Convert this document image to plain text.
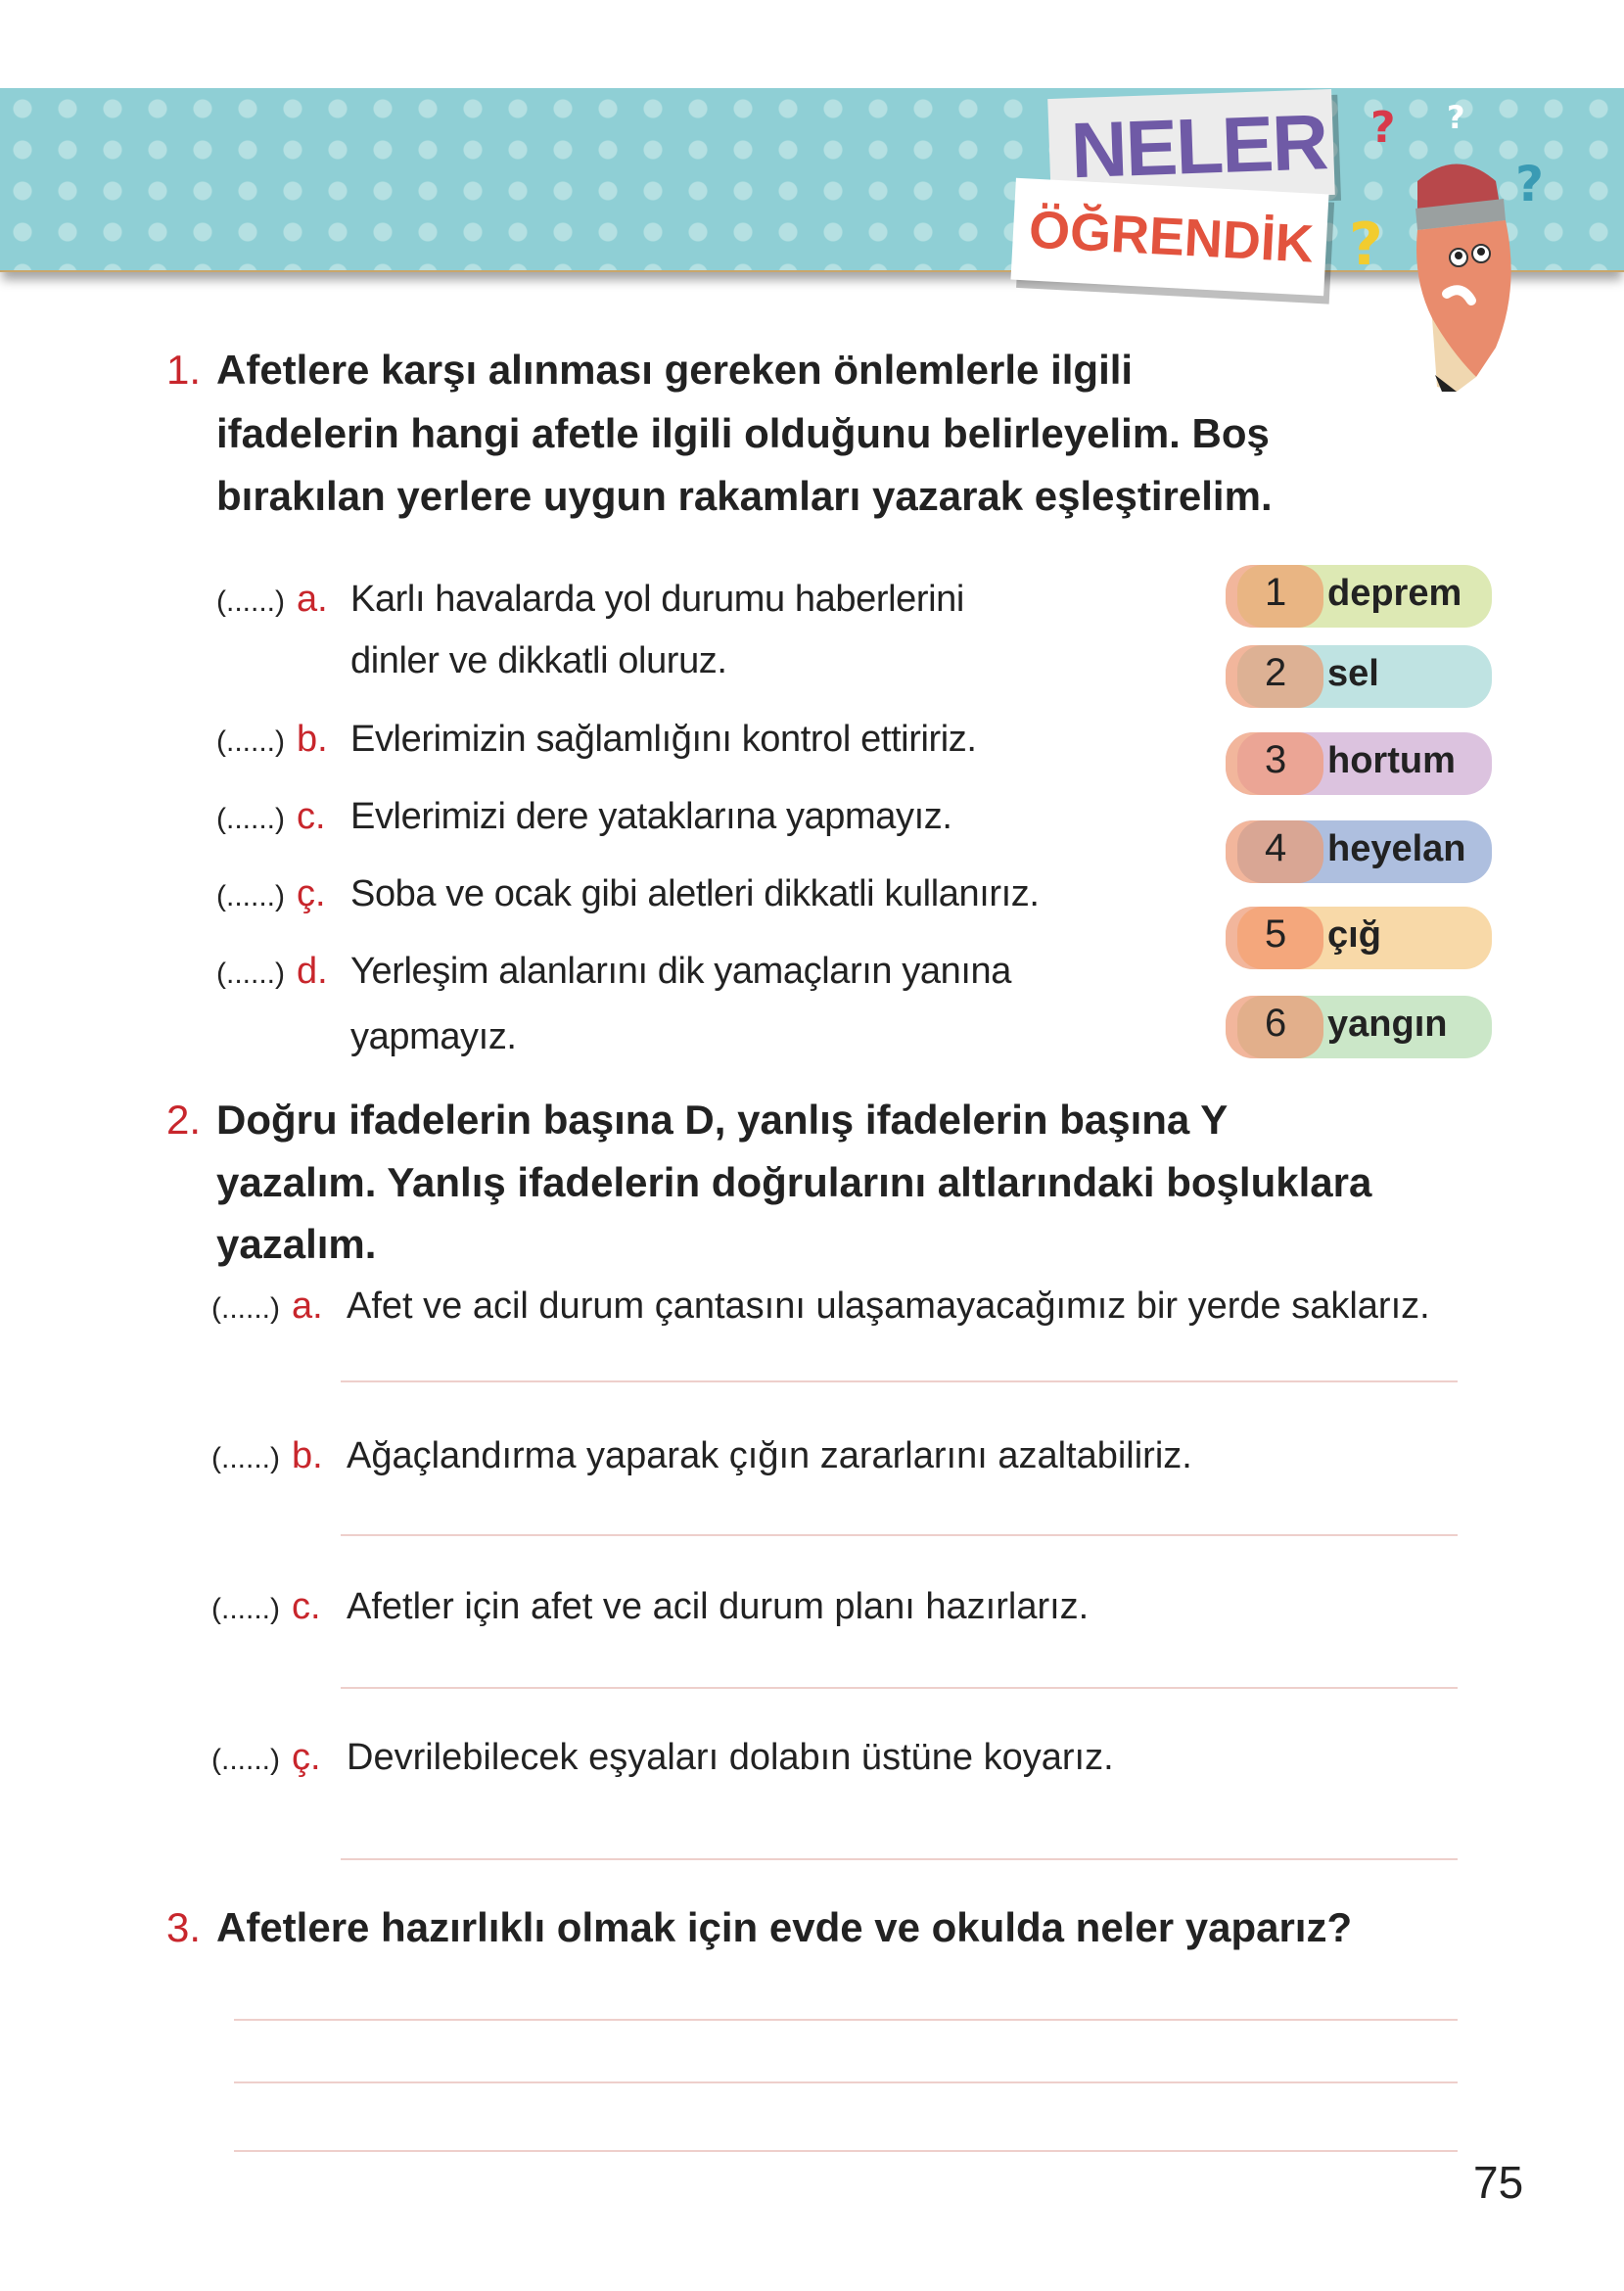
NELER
ÖĞRENDİK
? ?
?
?
1. Afetlere karşı alınması gereken önlemlerle ilgili
ifadelerin hangi afetle ilgili olduğunu belirleyelim. Boş
bırakılan yerlere uygun rakamları yazarak eşleştirelim.
(......) a. Karlı havalarda yol durumu haberlerini
dinler ve dikkatli oluruz.
(......) b. Evlerimizin sağlamlığını kontrol ettiririz.
(......) c. Evlerimizi dere yataklarına yapmayız.
(......) ç. Soba ve ocak gibi aletleri dikkatli kullanırız.
(......) d. Yerleşim alanlarını dik yamaçların yanına
yapmayız.
1 deprem
2 sel
3 hortum
4 heyelan
5 çığ
6 yangın
2. Doğru ifadelerin başına D, yanlış ifadelerin başına Y
yazalım. Yanlış ifadelerin doğrularını altlarındaki boşluklara
yazalım.
(......) a. Afet ve acil durum çantasını ulaşamayacağımız bir yerde saklarız.
(......) b. Ağaçlandırma yaparak çığın zararlarını azaltabiliriz.
(......) c. Afetler için afet ve acil durum planı hazırlarız.
(......) ç. Devrilebilecek eşyaları dolabın üstüne koyarız.
3. Afetlere hazırlıklı olmak için evde ve okulda neler yaparız?
75
